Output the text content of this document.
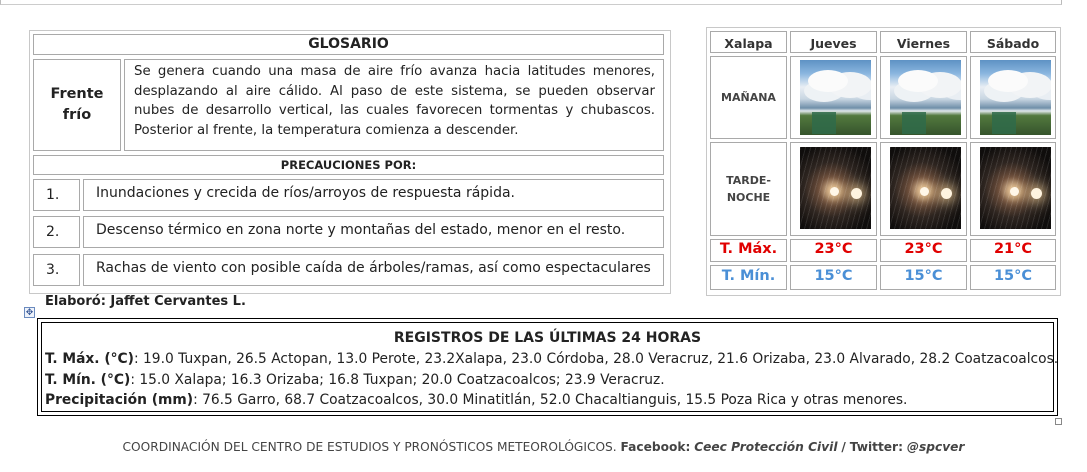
GLOSARIO
Frente frío
Se genera cuando una masa de aire frío avanza hacia latitudes menores, desplazando al aire cálido. Al paso de este sistema, se pueden observar nubes de desarrollo vertical, las cuales favorecen tormentas y chubascos. Posterior al frente, la temperatura comienza a descender.
PRECAUCIONES POR:
1.	Inundaciones y crecida de ríos/arroyos de respuesta rápida.
2.	Descenso térmico en zona norte y montañas del estado, menor en el resto.
3.	Rachas de viento con posible caída de árboles/ramas, así como espectaculares
Xalapa	Jueves	Viernes	Sábado
MAÑANA
TARDE-NOCHE
T. Máx.	23°C	23°C	21°C
T. Mín.	15°C	15°C	15°C
Elaboró: Jaffet Cervantes L.
✥
REGISTROS DE LAS ÚLTIMAS 24 HORAS
T. Máx. (°C): 19.0 Tuxpan, 26.5 Actopan, 13.0 Perote, 23.2Xalapa, 23.0 Córdoba, 28.0 Veracruz, 21.6 Orizaba, 23.0 Alvarado, 28.2 Coatzacoalcos.
T. Mín. (°C): 15.0 Xalapa; 16.3 Orizaba; 16.8 Tuxpan; 20.0 Coatzacoalcos; 23.9 Veracruz.
Precipitación (mm): 76.5 Garro, 68.7 Coatzacoalcos, 30.0 Minatitlán, 52.0 Chacaltianguis, 15.5 Poza Rica y otras menores.
COORDINACIÓN DEL CENTRO DE ESTUDIOS Y PRONÓSTICOS METEOROLÓGICOS. Facebook: Ceec Protección Civil / Twitter: @spcver
